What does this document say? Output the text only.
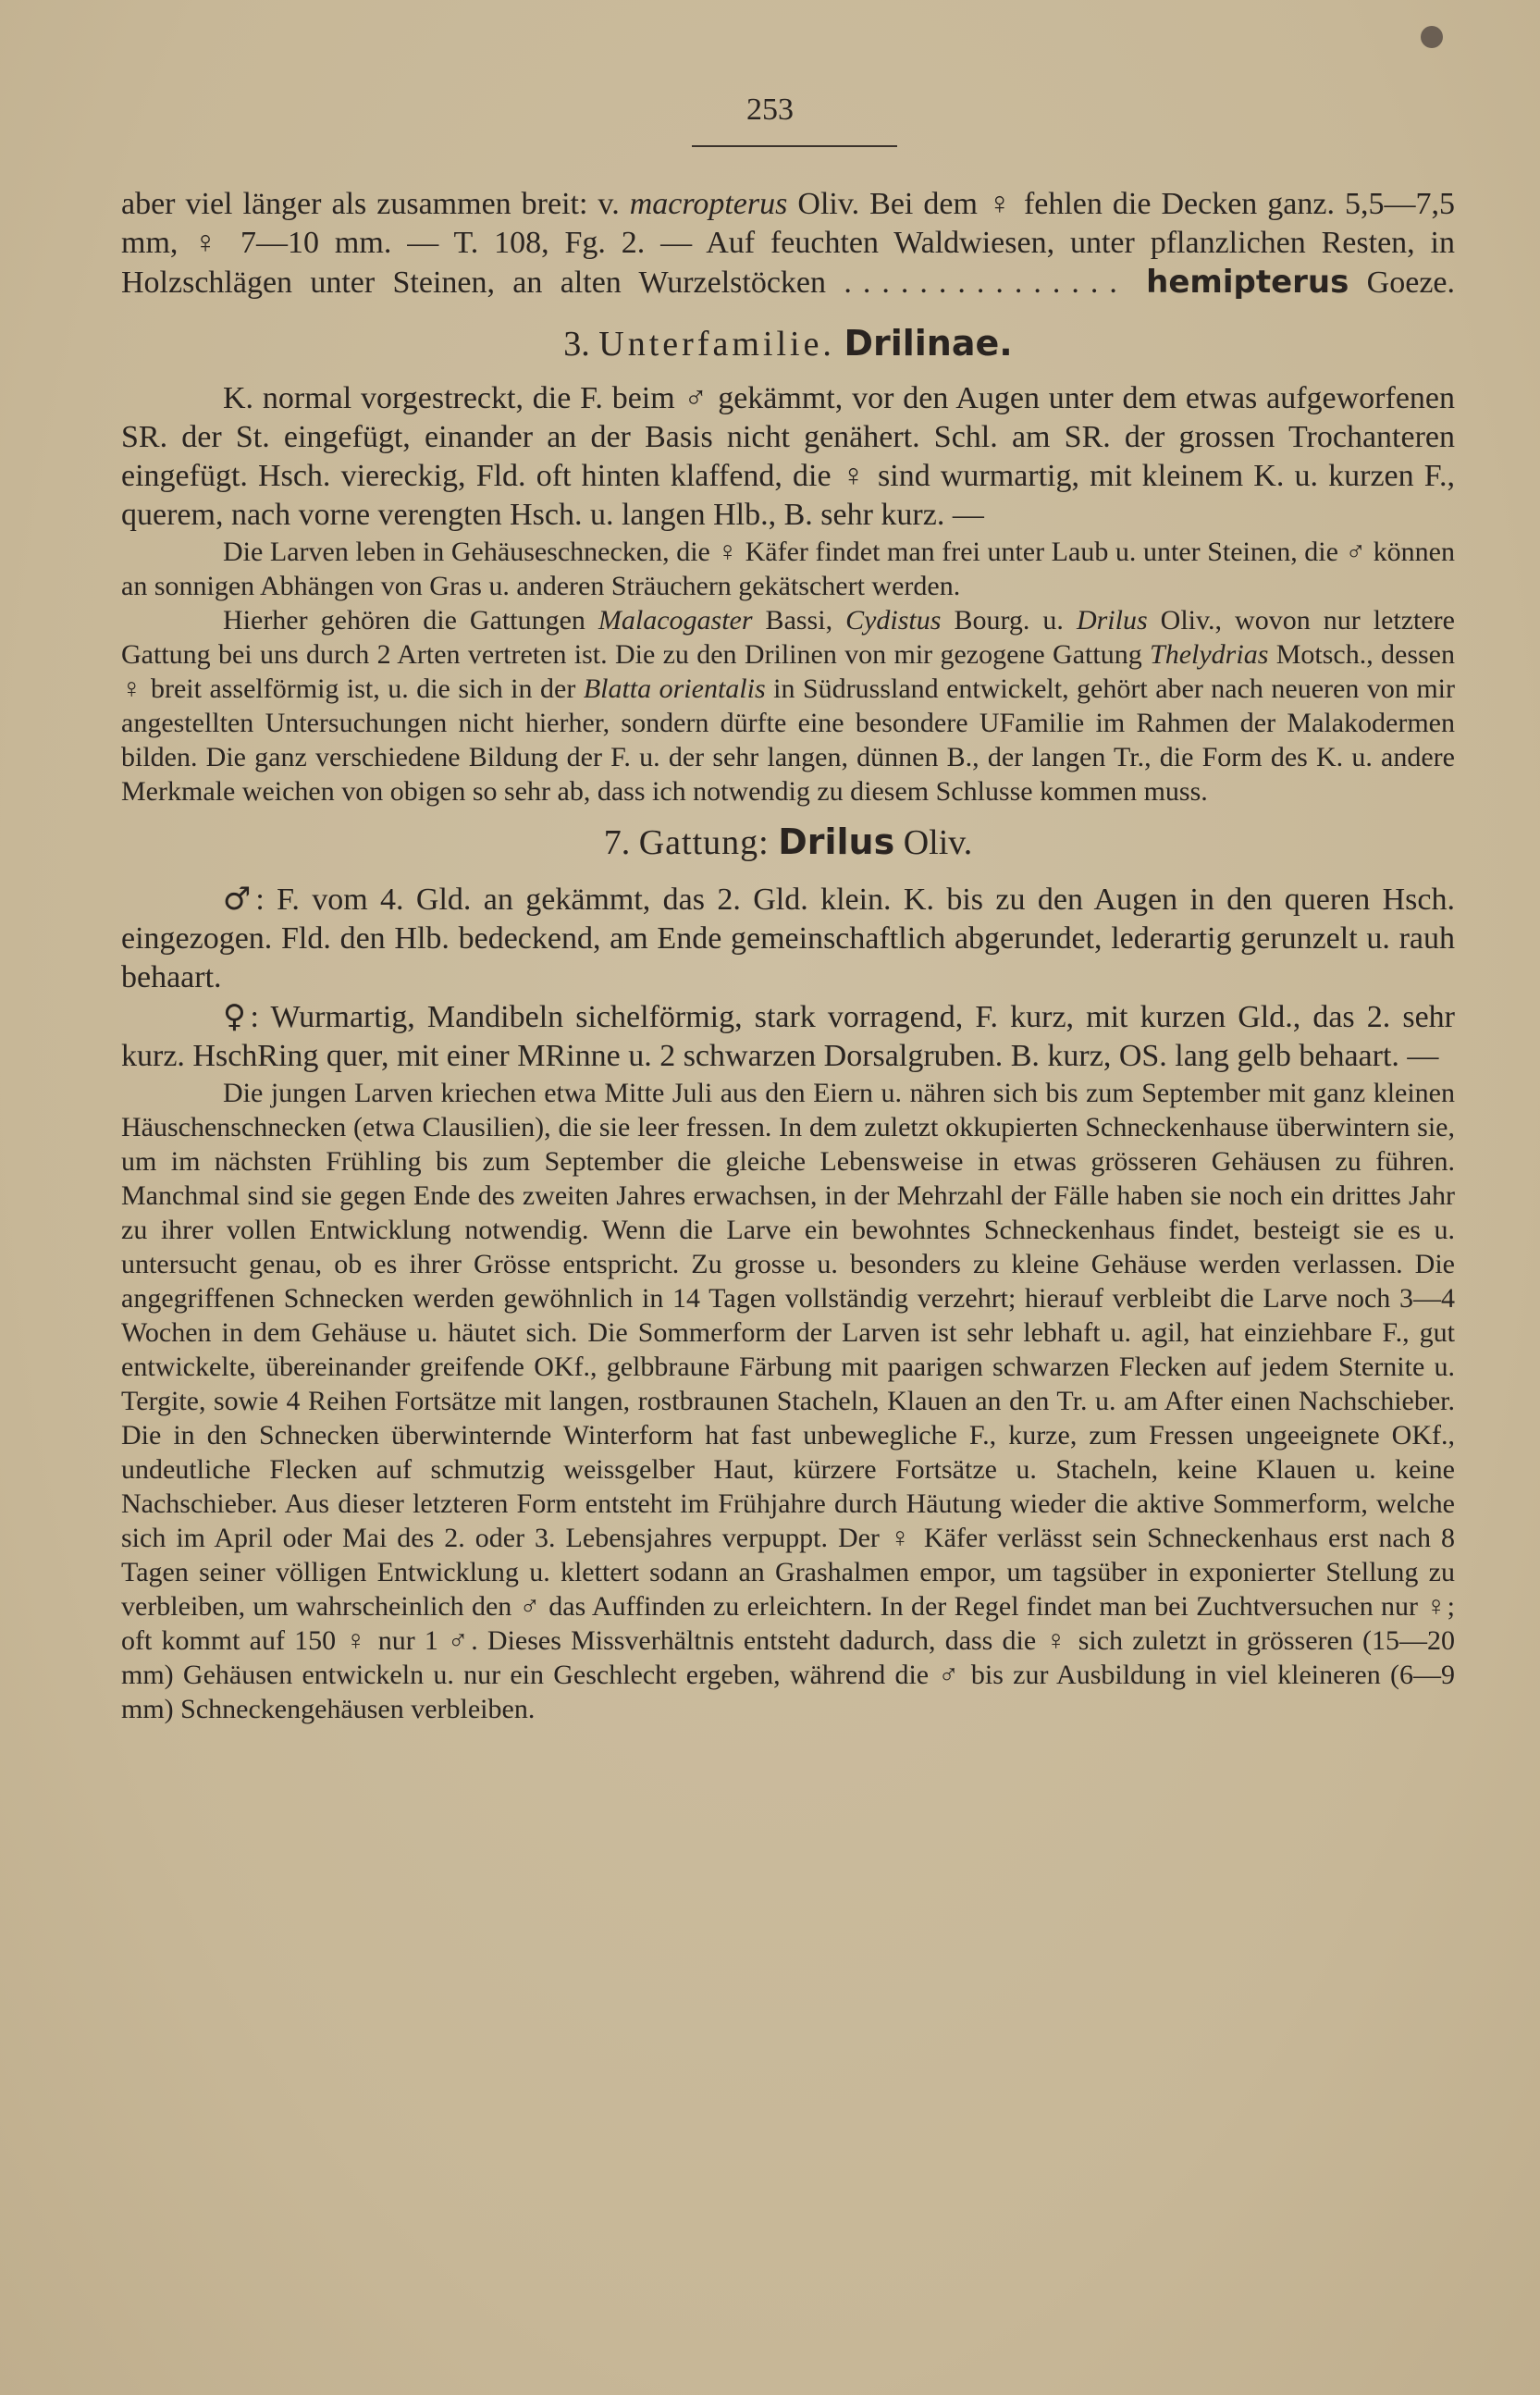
253

aber viel länger als zusammen breit: v. macropterus Oliv. Bei dem ♀ fehlen die Decken ganz. 5,5—7,5 mm, ♀ 7—10 mm. — T. 108, Fg. 2. — Auf feuchten Waldwiesen, unter pflanzlichen Resten, in Holzschlägen unter Steinen, an alten Wurzelstöcken ............... hemipterus Goeze.

3. Unterfamilie. Drilinae.

K. normal vorgestreckt, die F. beim ♂ gekämmt, vor den Augen unter dem etwas aufgeworfenen SR. der St. eingefügt, einander an der Basis nicht genähert. Schl. am SR. der grossen Trochanteren eingefügt. Hsch. viereckig, Fld. oft hinten klaffend, die ♀ sind wurmartig, mit kleinem K. u. kurzen F., querem, nach vorne verengten Hsch. u. langen Hlb., B. sehr kurz. —

Die Larven leben in Gehäuseschnecken, die ♀ Käfer findet man frei unter Laub u. unter Steinen, die ♂ können an sonnigen Abhängen von Gras u. anderen Sträuchern gekätschert werden.

Hierher gehören die Gattungen Malacogaster Bassi, Cydistus Bourg. u. Drilus Oliv., wovon nur letztere Gattung bei uns durch 2 Arten vertreten ist. Die zu den Drilinen von mir gezogene Gattung Thelydrias Motsch., dessen ♀ breit asselförmig ist, u. die sich in der Blatta orientalis in Südrussland entwickelt, gehört aber nach neueren von mir angestellten Untersuchungen nicht hierher, sondern dürfte eine besondere UFamilie im Rahmen der Malakodermen bilden. Die ganz verschiedene Bildung der F. u. der sehr langen, dünnen B., der langen Tr., die Form des K. u. andere Merkmale weichen von obigen so sehr ab, dass ich notwendig zu diesem Schlusse kommen muss.

7. Gattung: Drilus Oliv.

♂: F. vom 4. Gld. an gekämmt, das 2. Gld. klein. K. bis zu den Augen in den queren Hsch. eingezogen. Fld. den Hlb. bedeckend, am Ende gemeinschaftlich abgerundet, lederartig gerunzelt u. rauh behaart.

♀: Wurmartig, Mandibeln sichelförmig, stark vorragend, F. kurz, mit kurzen Gld., das 2. sehr kurz. HschRing quer, mit einer MRinne u. 2 schwarzen Dorsalgruben. B. kurz, OS. lang gelb behaart. —

Die jungen Larven kriechen etwa Mitte Juli aus den Eiern u. nähren sich bis zum September mit ganz kleinen Häuschenschnecken (etwa Clausilien), die sie leer fressen. In dem zuletzt okkupierten Schneckenhause überwintern sie, um im nächsten Frühling bis zum September die gleiche Lebensweise in etwas grösseren Gehäusen zu führen. Manchmal sind sie gegen Ende des zweiten Jahres erwachsen, in der Mehrzahl der Fälle haben sie noch ein drittes Jahr zu ihrer vollen Entwicklung notwendig. Wenn die Larve ein bewohntes Schneckenhaus findet, besteigt sie es u. untersucht genau, ob es ihrer Grösse entspricht. Zu grosse u. besonders zu kleine Gehäuse werden verlassen. Die angegriffenen Schnecken werden gewöhnlich in 14 Tagen vollständig verzehrt; hierauf verbleibt die Larve noch 3—4 Wochen in dem Gehäuse u. häutet sich. Die Sommerform der Larven ist sehr lebhaft u. agil, hat einziehbare F., gut entwickelte, übereinander greifende OKf., gelbbraune Färbung mit paarigen schwarzen Flecken auf jedem Sternite u. Tergite, sowie 4 Reihen Fortsätze mit langen, rostbraunen Stacheln, Klauen an den Tr. u. am After einen Nachschieber. Die in den Schnecken überwinternde Winterform hat fast unbewegliche F., kurze, zum Fressen ungeeignete OKf., undeutliche Flecken auf schmutzig weissgelber Haut, kürzere Fortsätze u. Stacheln, keine Klauen u. keine Nachschieber. Aus dieser letzteren Form entsteht im Frühjahre durch Häutung wieder die aktive Sommerform, welche sich im April oder Mai des 2. oder 3. Lebensjahres verpuppt. Der ♀ Käfer verlässt sein Schneckenhaus erst nach 8 Tagen seiner völligen Entwicklung u. klettert sodann an Grashalmen empor, um tagsüber in exponierter Stellung zu verbleiben, um wahrscheinlich den ♂ das Auffinden zu erleichtern. In der Regel findet man bei Zuchtversuchen nur ♀; oft kommt auf 150 ♀ nur 1 ♂. Dieses Missverhältnis entsteht dadurch, dass die ♀ sich zuletzt in grösseren (15—20 mm) Gehäusen entwickeln u. nur ein Geschlecht ergeben, während die ♂ bis zur Ausbildung in viel kleineren (6—9 mm) Schneckengehäusen verbleiben.
